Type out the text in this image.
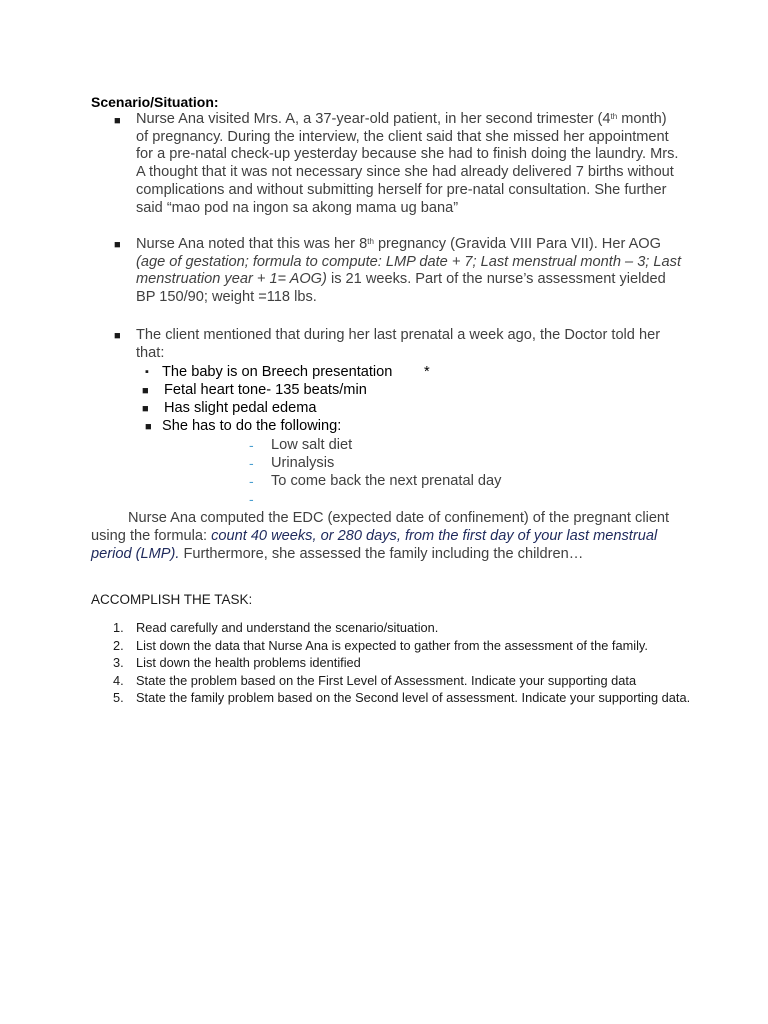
Scenario/Situation:
■ Nurse Ana visited Mrs. A, a 37-year-old patient, in her second trimester (4th month) of pregnancy. During the interview, the client said that she missed her appointment for a pre-natal check-up yesterday because she had to finish doing the laundry. Mrs. A thought that it was not necessary since she had already delivered 7 births without complications and without submitting herself for pre-natal consultation. She further said “mao pod na ingon sa akong mama ug bana”
■ Nurse Ana noted that this was her 8th pregnancy (Gravida VIII Para VII). Her AOG (age of gestation; formula to compute: LMP date + 7; Last menstrual month – 3; Last menstruation year + 1= AOG) is 21 weeks. Part of the nurse’s assessment yielded BP 150/90; weight =118 lbs.
■ The client mentioned that during her last prenatal a week ago, the Doctor told her that:
▪ The baby is on Breech presentation *
■ Fetal heart tone- 135 beats/min
■ Has slight pedal edema
■ She has to do the following:
- Low salt diet
- Urinalysis
- To come back the next prenatal day
-
Nurse Ana computed the EDC (expected date of confinement) of the pregnant client using the formula: count 40 weeks, or 280 days, from the first day of your last menstrual period (LMP). Furthermore, she assessed the family including the children…
ACCOMPLISH THE TASK:
1. Read carefully and understand the scenario/situation.
2. List down the data that Nurse Ana is expected to gather from the assessment of the family.
3. List down the health problems identified
4. State the problem based on the First Level of Assessment. Indicate your supporting data
5. State the family problem based on the Second level of assessment. Indicate your supporting data.
